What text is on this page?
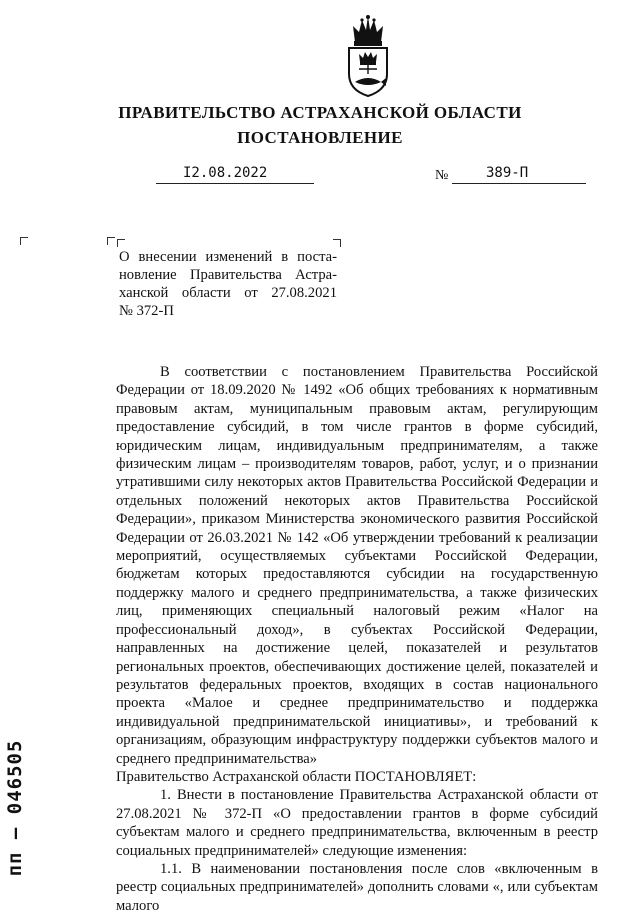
ПРАВИТЕЛЬСТВО АСТРАХАНСКОЙ ОБЛАСТИ
ПОСТАНОВЛЕНИЕ
I2.08.2022	№	389-П
О внесении изменений в поста-
новление Правительства Астра-
ханской области от 27.08.2021
№ 372-П

В соответствии с постановлением Правительства Российской Федерации от 18.09.2020 № 1492 «Об общих требованиях к нормативным правовым актам, муниципальным правовым актам, регулирующим предоставление субсидий, в том числе грантов в форме субсидий, юридическим лицам, индивидуальным предпринимателям, а также физическим лицам – производителям товаров, работ, услуг, и о признании утратившими силу некоторых актов Правительства Российской Федерации и отдельных положений некоторых актов Правительства Российской Федерации», приказом Министерства экономического развития Российской Федерации от 26.03.2021 № 142 «Об утверждении требований к реализации мероприятий, осуществляемых субъектами Российской Федерации, бюджетам которых предоставляются субсидии на государственную поддержку малого и среднего предпринимательства, а также физических лиц, применяющих специальный налоговый режим «Налог на профессиональный доход», в субъектах Российской Федерации, направленных на достижение целей, показателей и результатов региональных проектов, обеспечивающих достижение целей, показателей и результатов федеральных проектов, входящих в состав национального проекта «Малое и среднее предпринимательство и поддержка индивидуальной предпринимательской инициативы», и требований к организациям, образующим инфраструктуру поддержки субъектов малого и среднего предпринимательства»

Правительство Астраханской области ПОСТАНОВЛЯЕТ:

1. Внести в постановление Правительства Астраханской области от 27.08.2021 № 372-П «О предоставлении грантов в форме субсидий субъектам малого и среднего предпринимательства, включенным в реестр социальных предпринимателей» следующие изменения:

1.1. В наименовании постановления после слов «включенным в реестр социальных предпринимателей» дополнить словами «, или субъектам малого

пп – 046505
